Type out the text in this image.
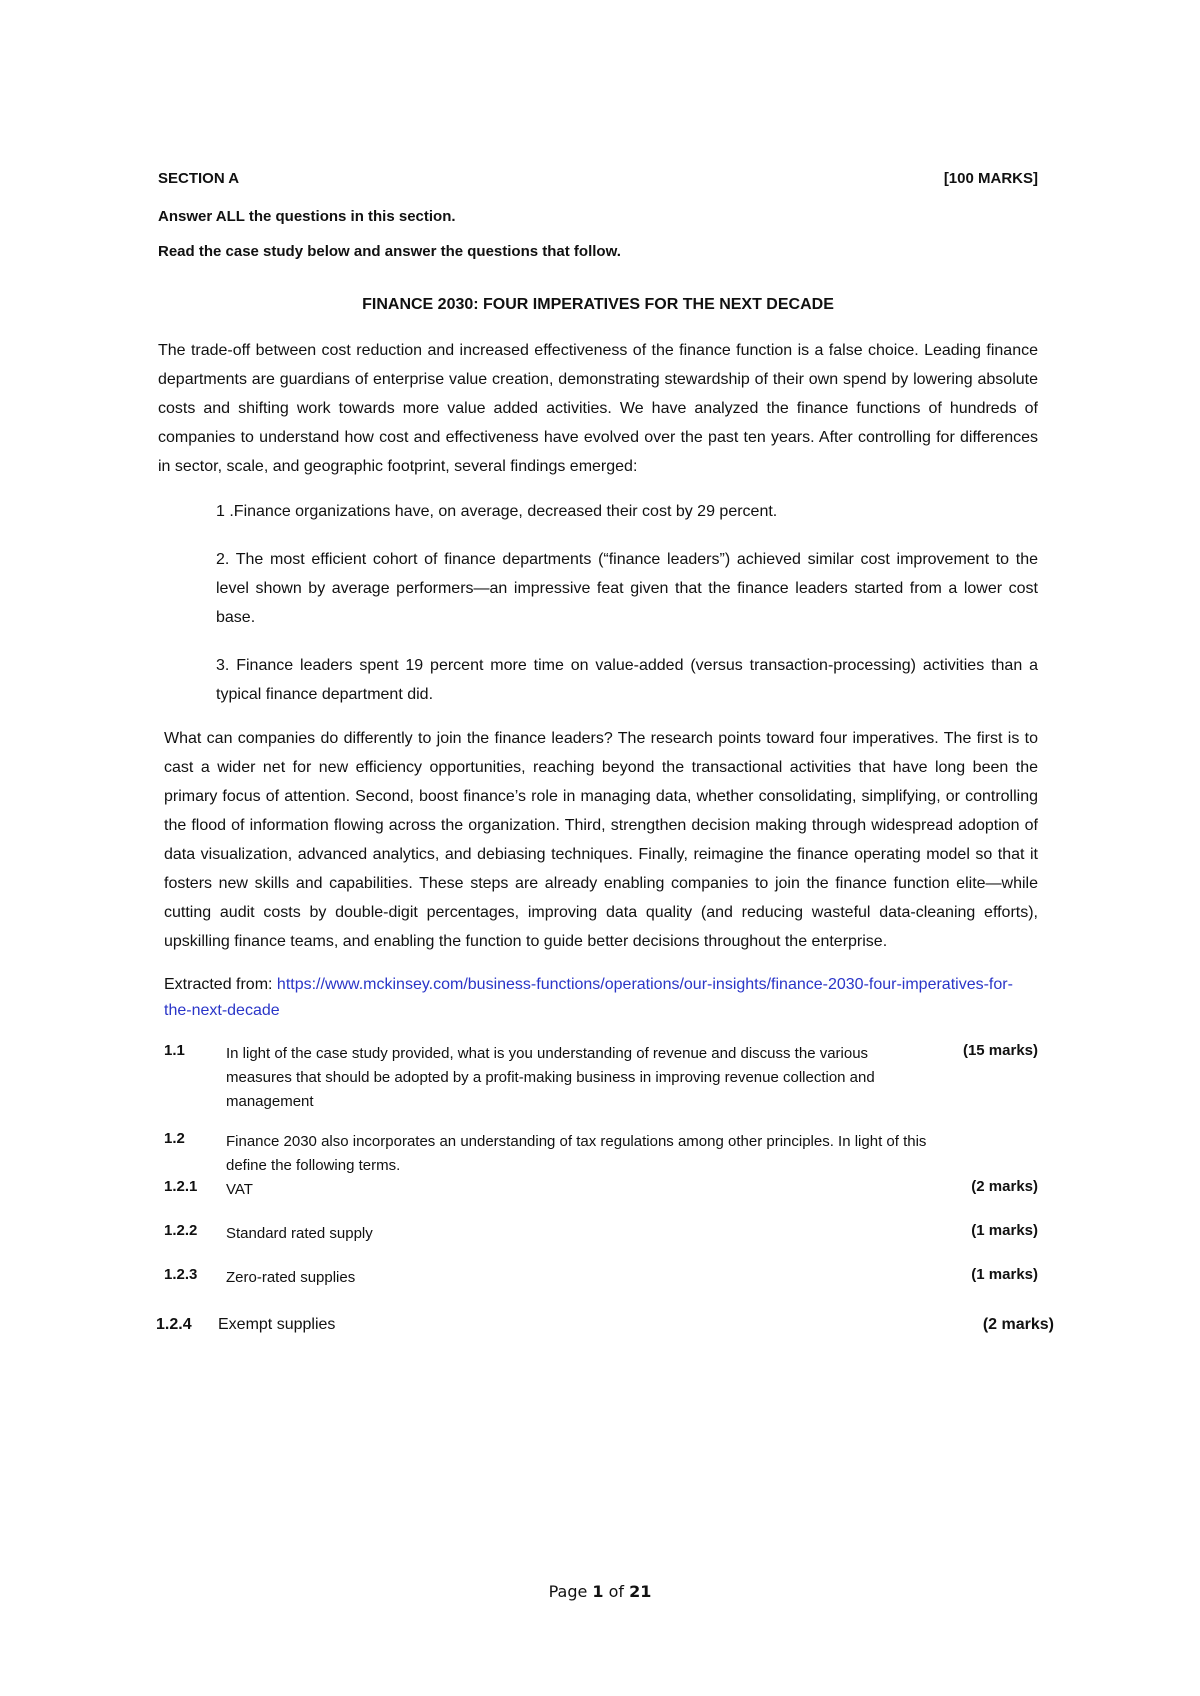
SECTION A	[100 MARKS]
Answer ALL the questions in this section.
Read the case study below and answer the questions that follow.
FINANCE 2030: FOUR IMPERATIVES FOR THE NEXT DECADE
The trade-off between cost reduction and increased effectiveness of the finance function is a false choice. Leading finance departments are guardians of enterprise value creation, demonstrating stewardship of their own spend by lowering absolute costs and shifting work towards more value added activities. We have analyzed the finance functions of hundreds of companies to understand how cost and effectiveness have evolved over the past ten years. After controlling for differences in sector, scale, and geographic footprint, several findings emerged:
1 .Finance organizations have, on average, decreased their cost by 29 percent.
2. The most efficient cohort of finance departments (“finance leaders”) achieved similar cost improvement to the level shown by average performers—an impressive feat given that the finance leaders started from a lower cost base.
3. Finance leaders spent 19 percent more time on value-added (versus transaction-processing) activities than a typical finance department did.
What can companies do differently to join the finance leaders? The research points toward four imperatives. The first is to cast a wider net for new efficiency opportunities, reaching beyond the transactional activities that have long been the primary focus of attention. Second, boost finance’s role in managing data, whether consolidating, simplifying, or controlling the flood of information flowing across the organization. Third, strengthen decision making through widespread adoption of data visualization, advanced analytics, and debiasing techniques. Finally, reimagine the finance operating model so that it fosters new skills and capabilities. These steps are already enabling companies to join the finance function elite—while cutting audit costs by double-digit percentages, improving data quality (and reducing wasteful data-cleaning efforts), upskilling finance teams, and enabling the function to guide better decisions throughout the enterprise.
Extracted from: https://www.mckinsey.com/business-functions/operations/our-insights/finance-2030-four-imperatives-for-the-next-decade
1.1	In light of the case study provided, what is you understanding of revenue and discuss the various measures that should be adopted by a profit-making business in improving revenue collection and management
(15 marks)
1.2	Finance 2030 also incorporates an understanding of tax regulations among other principles. In light of this define the following terms.
1.2.1	VAT	(2 marks)
1.2.2	Standard rated supply	(1 marks)
1.2.3	Zero-rated supplies	(1 marks)
1.2.4	Exempt supplies	(2 marks)
Page 1 of 21
